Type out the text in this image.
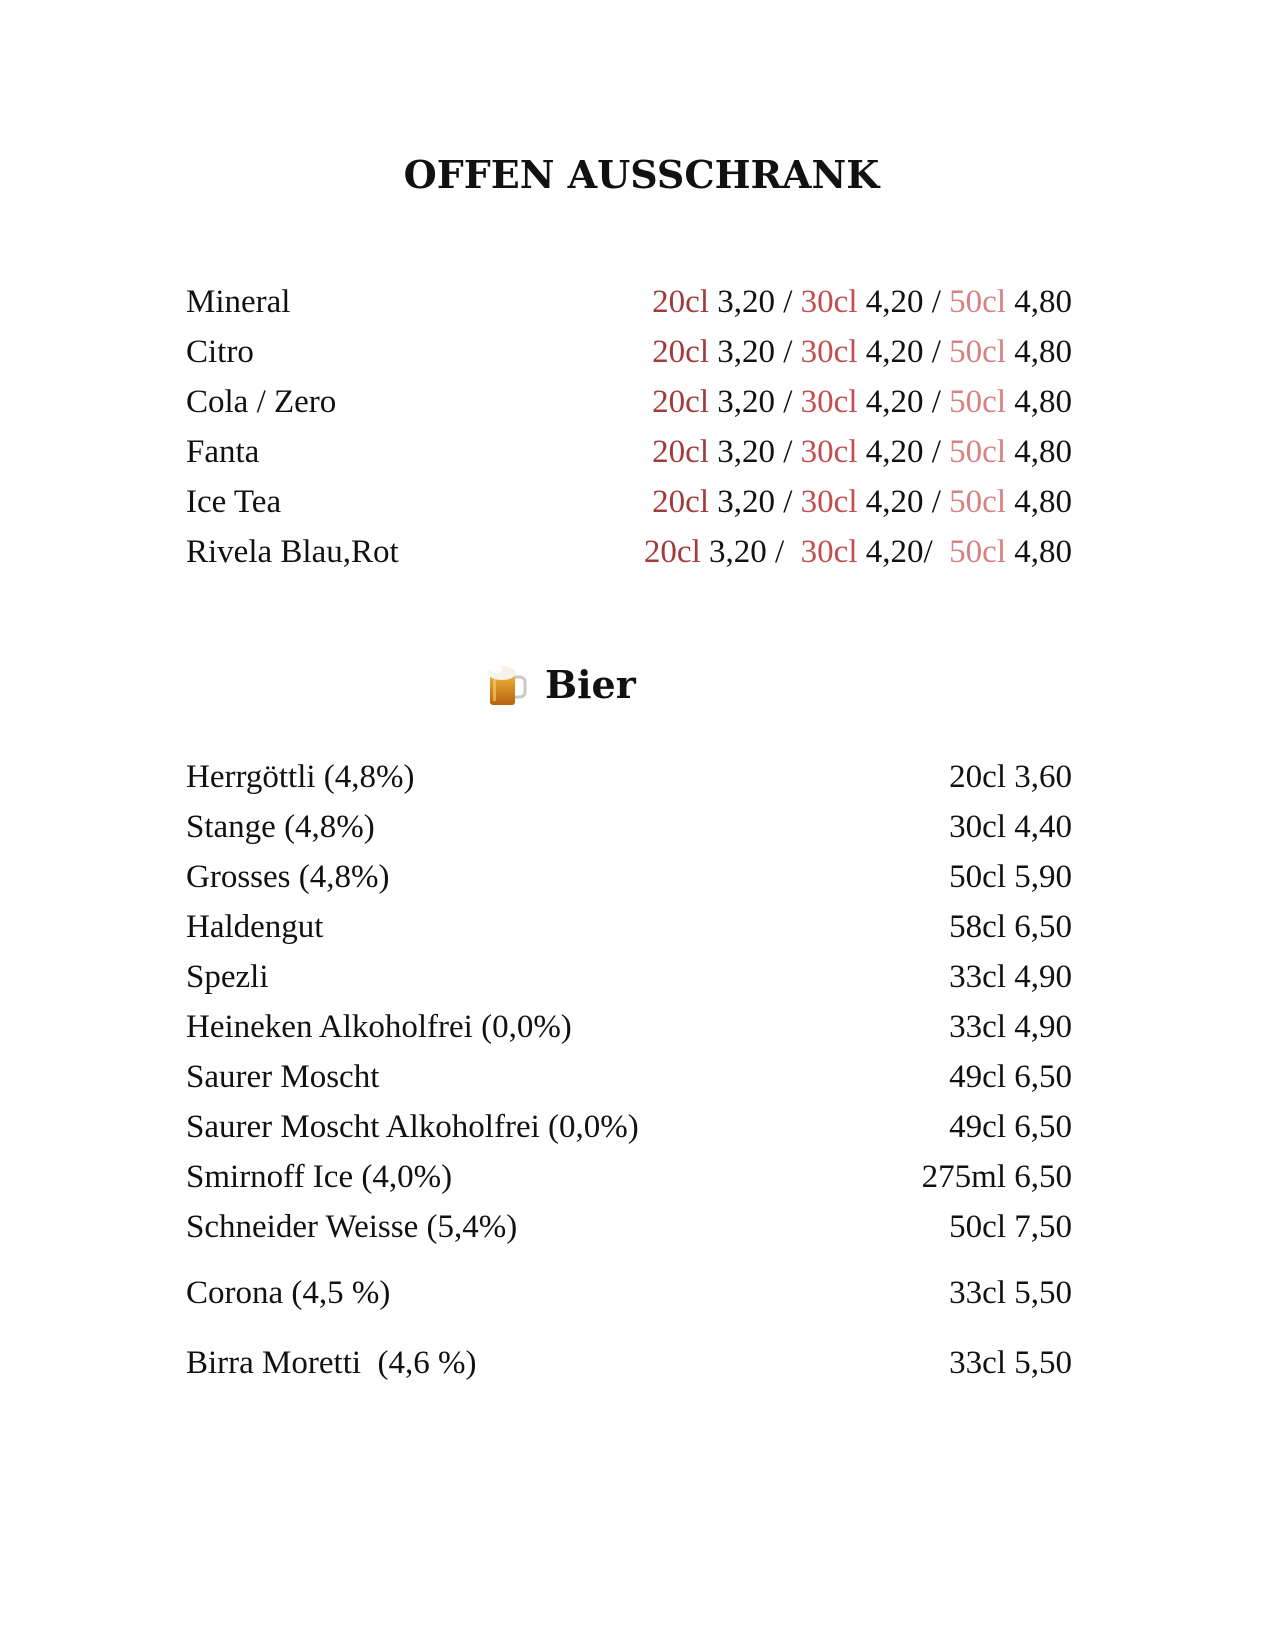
OFFEN AUSSCHRANK
Mineral	20cl 3,20 / 30cl 4,20 / 50cl 4,80
Citro	20cl 3,20 / 30cl 4,20 / 50cl 4,80
Cola / Zero	20cl 3,20 / 30cl 4,20 / 50cl 4,80
Fanta	20cl 3,20 / 30cl 4,20 / 50cl 4,80
Ice Tea	20cl 3,20 / 30cl 4,20 / 50cl 4,80
Rivela Blau,Rot	20cl 3,20 /  30cl 4,20/  50cl 4,80
Bier
Herrgöttli (4,8%)	20cl 3,60
Stange (4,8%)	30cl 4,40
Grosses (4,8%)	50cl 5,90
Haldengut	58cl 6,50
Spezli	33cl 4,90
Heineken Alkoholfrei (0,0%)	33cl 4,90
Saurer Moscht	49cl 6,50
Saurer Moscht Alkoholfrei (0,0%)	49cl 6,50
Smirnoff Ice (4,0%)	275ml 6,50
Schneider Weisse (5,4%)	50cl 7,50
Corona (4,5 %)	33cl 5,50
Birra Moretti  (4,6 %)	33cl 5,50
